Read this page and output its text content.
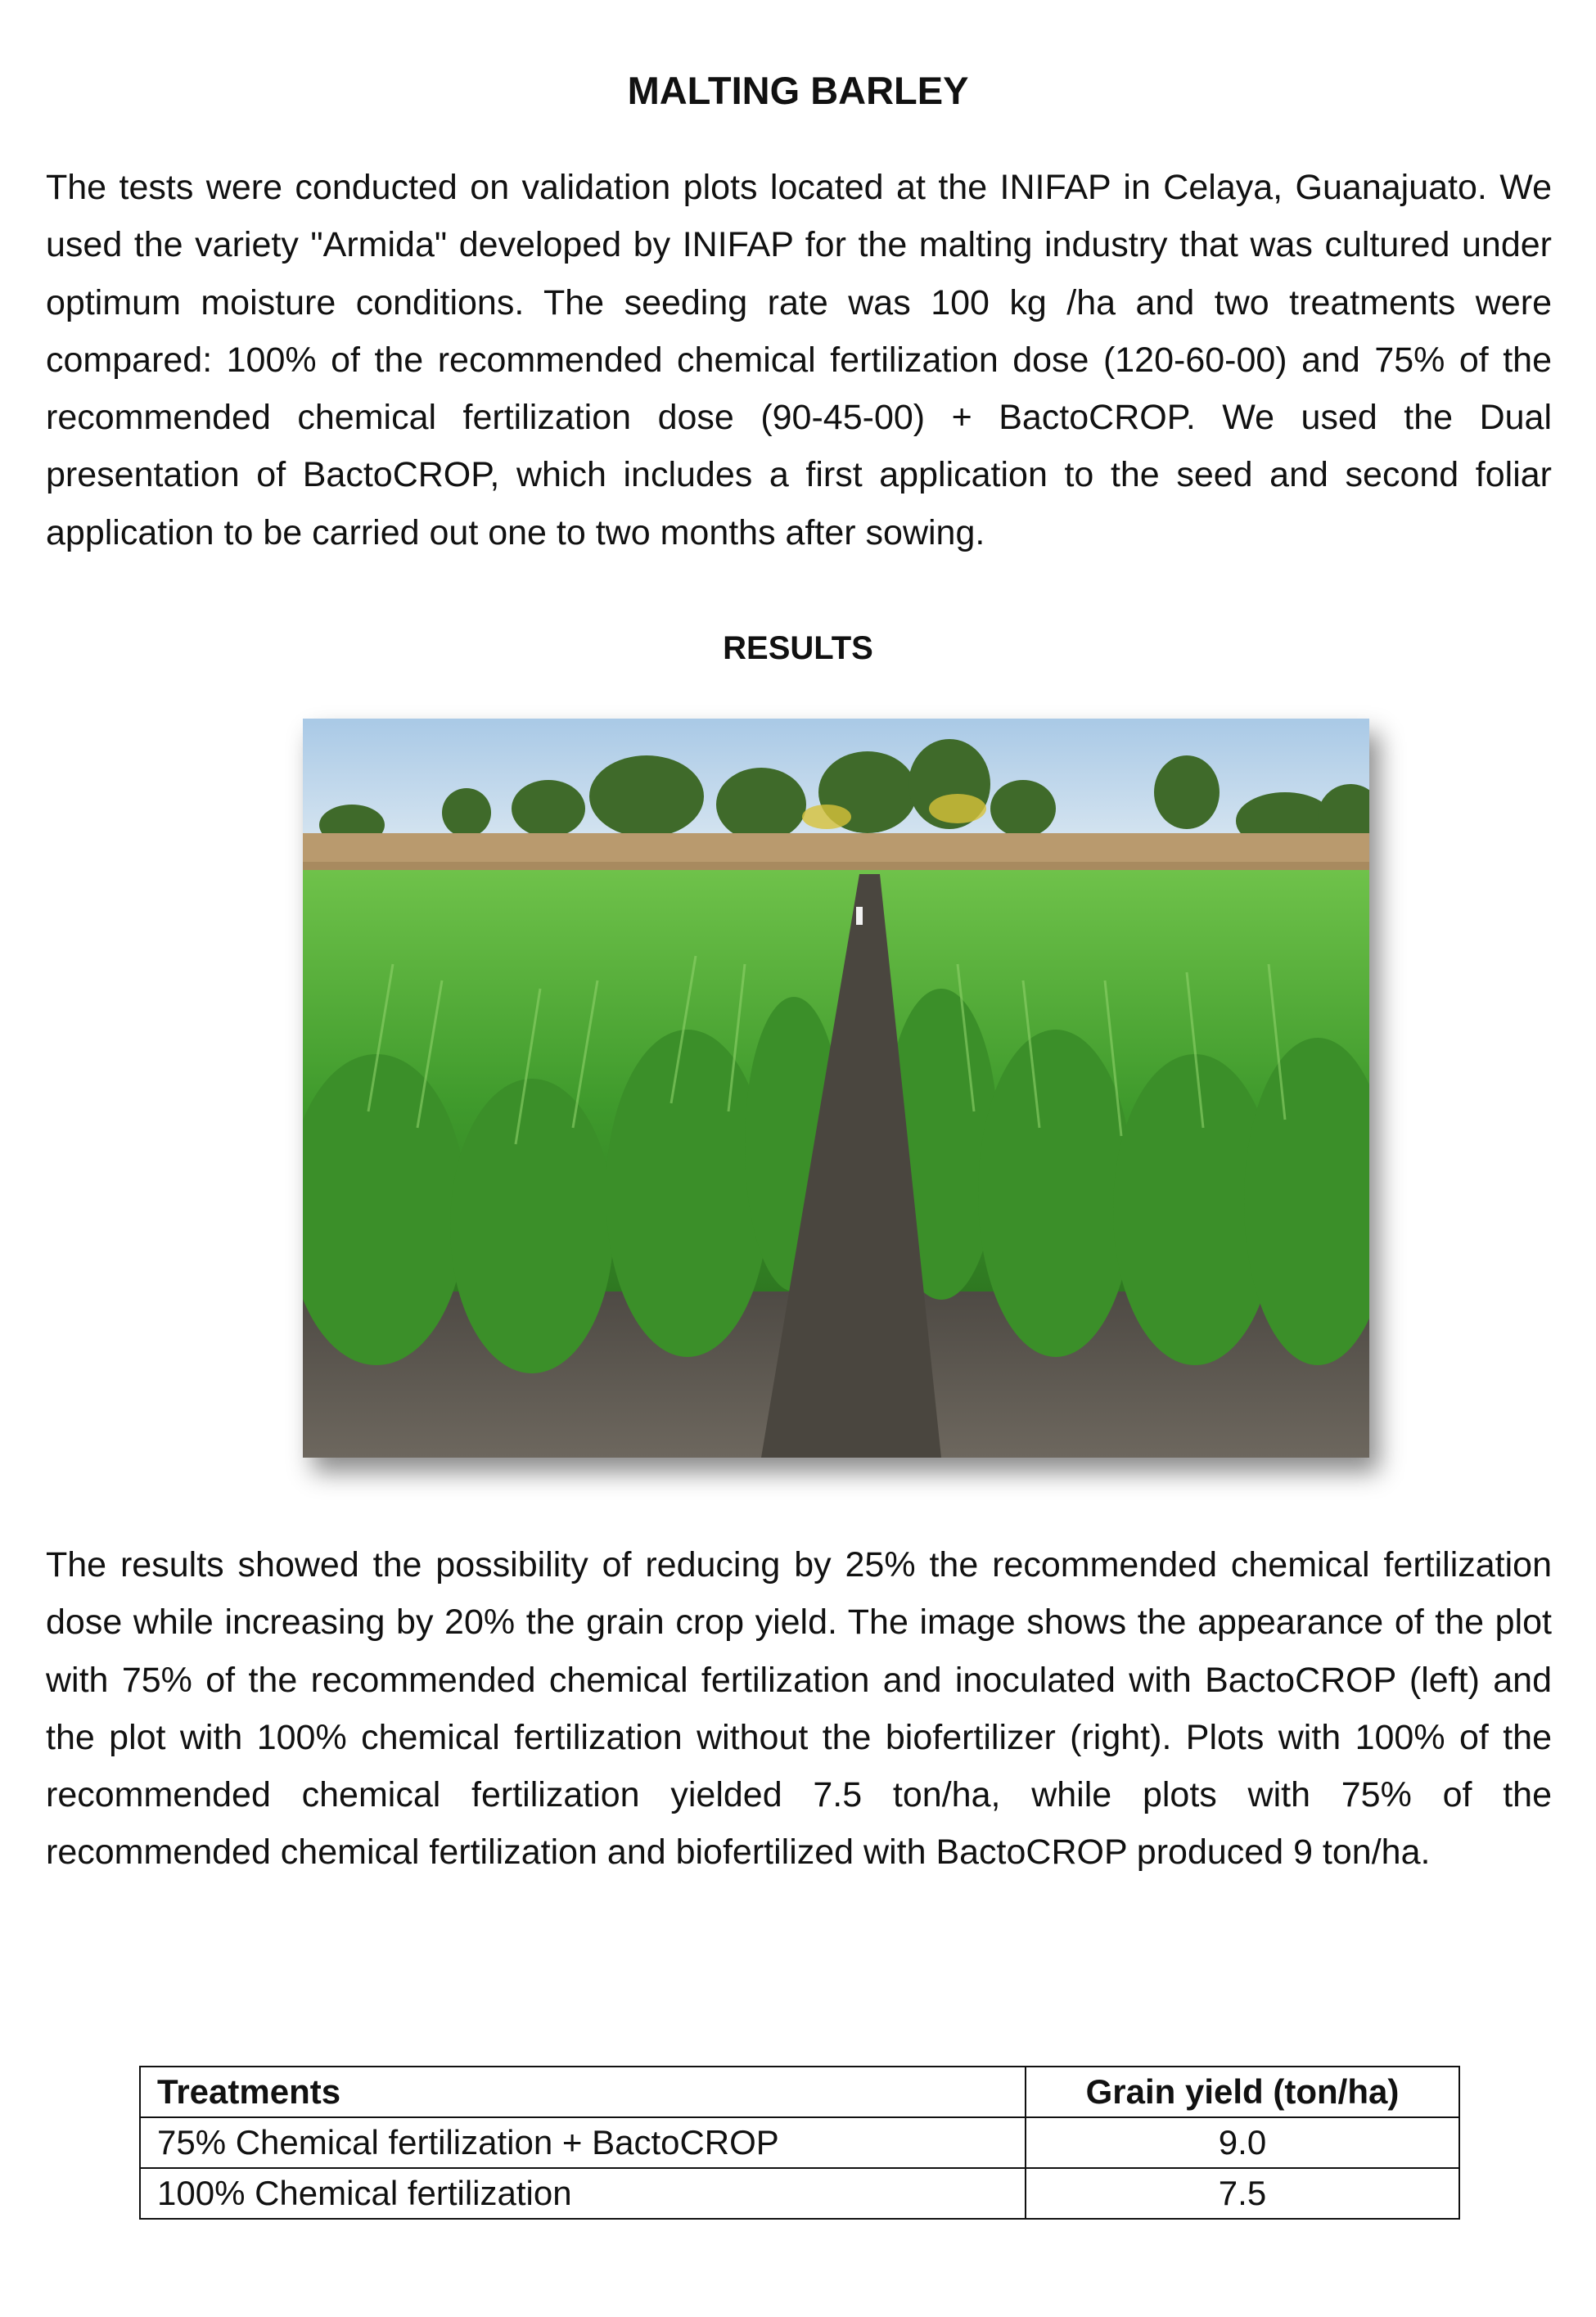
MALTING BARLEY

The tests were conducted on validation plots located at the INIFAP in Celaya, Guanajuato. We used the variety "Armida" developed by INIFAP for the malting industry that was cultured under optimum moisture conditions. The seeding rate was 100 kg /ha and two treatments were compared: 100% of the recommended chemical fertilization dose (120-60-00) and 75% of the recommended chemical fertilization dose (90-45-00) + BactoCROP. We used the Dual presentation of BactoCROP, which includes a first application to the seed and second foliar application to be carried out one to two months after sowing.

RESULTS

The results showed the possibility of reducing by 25% the recommended chemical fertilization dose while increasing by 20% the grain crop yield. The image shows the appearance of the plot with 75% of the recommended chemical fertilization and inoculated with BactoCROP (left) and the plot with 100% chemical fertilization without the biofertilizer (right). Plots with 100% of the recommended chemical fertilization yielded 7.5 ton/ha, while plots with 75% of the recommended chemical fertilization and biofertilized with BactoCROP produced 9 ton/ha.

Treatments	Grain yield (ton/ha)
75% Chemical fertilization + BactoCROP	9.0
100% Chemical fertilization	7.5
